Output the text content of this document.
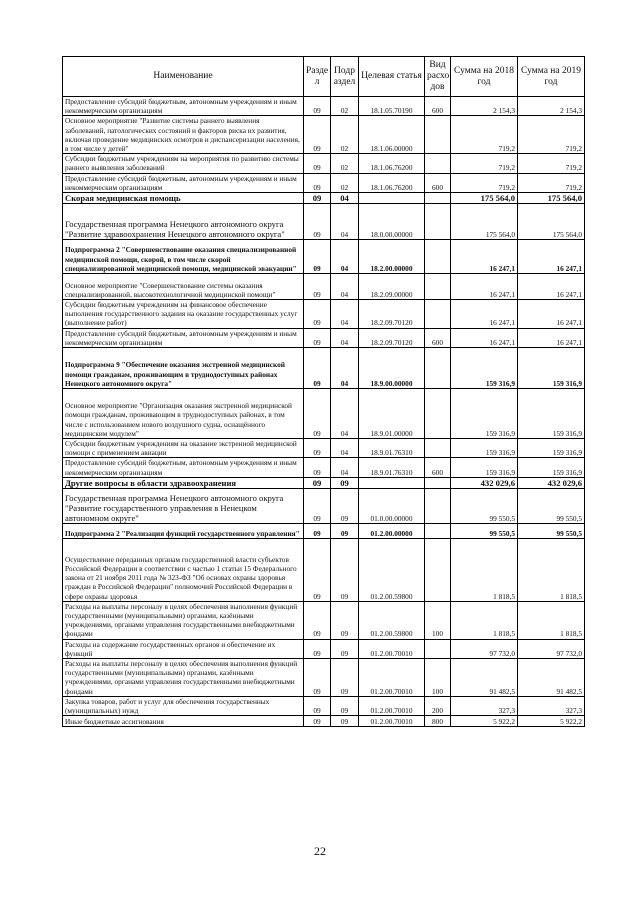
Наименование	Разде л	Подр аздел	Целевая статья	Вид расхо дов	Сумма на 2018 год	Сумма на 2019 год
Предоставление субсидий бюджетным, автономным учреждениям и иным некоммерческим организациям	09	02	18.1.05.70190	600	2 154,3	2 154,3
Основное мероприятие "Развитие системы раннего выявления заболеваний, патологических состояний и факторов риска их развития, включая проведение медицинских осмотров и диспансеризации населения, в том числе у детей"	09	02	18.1.06.00000		719,2	719,2
Субсидии бюджетным учреждениям на мероприятия по развитию системы раннего выявления заболеваний	09	02	18.1.06.76200		719,2	719,2
Предоставление субсидий бюджетным, автономным учреждениям и иным некоммерческим организациям	09	02	18.1.06.76200	600	719,2	719,2
Скорая медицинская помощь	09	04			175 564,0	175 564,0
Государственная программа Ненецкого автономного округа "Развитие здравоохранения Ненецкого автономного округа"	09	04	18.0.00.00000		175 564,0	175 564,0
Подпрограмма 2 "Совершенствование оказания специализированной медицинской помощи, скорой, в том числе скорой специализированной медицинской помощи, медицинской эвакуации"	09	04	18.2.00.00000		16 247,1	16 247,1
Основное мероприятие "Совершенствование системы оказания специализированной, высокотехнологичной медицинской помощи"	09	04	18.2.09.00000		16 247,1	16 247,1
Субсидии бюджетным учреждениям на финансовое обеспечение выполнения государственного задания на оказание государственных услуг (выполнение работ)	09	04	18.2.09.70120		16 247,1	16 247,1
Предоставление субсидий бюджетным, автономным учреждениям и иным некоммерческим организациям	09	04	18.2.09.70120	600	16 247,1	16 247,1
Подпрограмма 9 "Обеспечение оказания экстренной медицинской помощи гражданам, проживающим в труднодоступных районах Ненецкого автономного округа"	09	04	18.9.00.00000		159 316,9	159 316,9
Основное мероприятие "Организация оказания экстренной медицинской помощи гражданам, проживающим в труднодоступных районах, в том числе с использованием нового воздушного судна, оснащённого медицинским модулем"	09	04	18.9.01.00000		159 316,9	159 316,9
Субсидии бюджетным учреждениям на оказание экстренной медицинской помощи с применением авиации	09	04	18.9.01.76310		159 316,9	159 316,9
Предоставление субсидий бюджетным, автономным учреждениям и иным некоммерческим организациям	09	04	18.9.01.76310	600	159 316,9	159 316,9
Другие вопросы в области здравоохранения	09	09			432 029,6	432 029,6
Государственная программа Ненецкого автономного округа "Развитие государственного управления в Ненецком автономном округе"	09	09	01.0.00.00000		99 550,5	99 550,5
Подпрограмма 2 "Реализация функций государственного управления"	09	09	01.2.00.00000		99 550,5	99 550,5
Осуществление переданных органам государственной власти субъектов Российской Федерации в соответствии с частью 1 статьи 15 Федерального закона от 21 ноября 2011 года № 323-ФЗ "Об основах охраны здоровья граждан в Российской Федерации" полномочий Российской Федерации в сфере охраны здоровья	09	09	01.2.00.59800		1 818,5	1 818,5
Расходы на выплаты персоналу в целях обеспечения выполнения функций государственными (муниципальными) органами, казёнными учреждениями, органами управления государственными внебюджетными фондами	09	09	01.2.00.59800	100	1 818,5	1 818,5
Расходы на содержание государственных органов и обеспечение их функций	09	09	01.2.00.70010		97 732,0	97 732,0
Расходы на выплаты персоналу в целях обеспечения выполнения функций государственными (муниципальными) органами, казёнными учреждениями, органами управления государственными внебюджетными фондами	09	09	01.2.00.70010	100	91 482,5	91 482,5
Закупка товаров, работ и услуг для обеспечения государственных (муниципальных) нужд	09	09	01.2.00.70010	200	327,3	327,3
Иные бюджетные ассигнования	09	09	01.2.00.70010	800	5 922,2	5 922,2
22
